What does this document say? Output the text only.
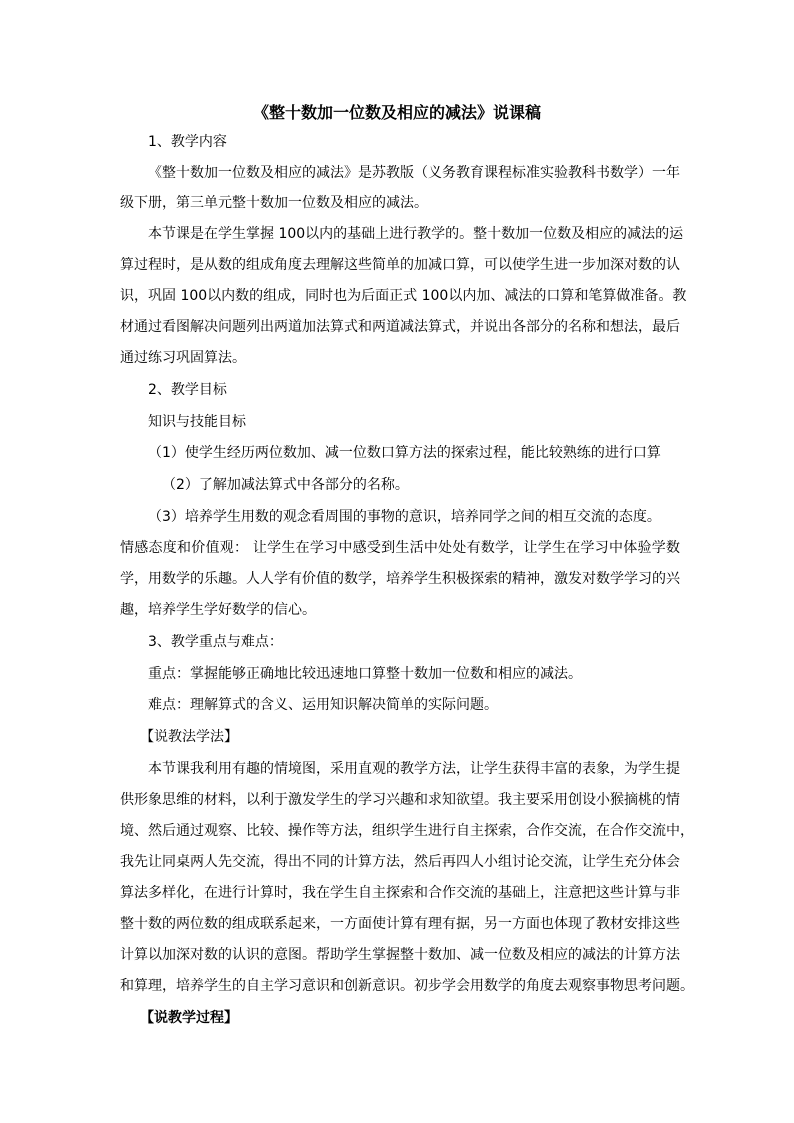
《整十数加一位数及相应的减法》说课稿
1、教学内容
《整十数加一位数及相应的减法》是苏教版（义务教育课程标准实验教科书数学）一年
级下册，第三单元整十数加一位数及相应的减法。
本节课是在学生掌握 100以内的基础上进行教学的。整十数加一位数及相应的减法的运
算过程时，是从数的组成角度去理解这些简单的加减口算，可以使学生进一步加深对数的认
识，巩固 100以内数的组成，同时也为后面正式 100以内加、减法的口算和笔算做准备。教
材通过看图解决问题列出两道加法算式和两道减法算式，并说出各部分的名称和想法，最后
通过练习巩固算法。
2、教学目标
知识与技能目标
（1）使学生经历两位数加、减一位数口算方法的探索过程，能比较熟练的进行口算
（2）了解加减法算式中各部分的名称。
（3）培养学生用数的观念看周围的事物的意识，培养同学之间的相互交流的态度。
情感态度和价值观： 让学生在学习中感受到生活中处处有数学，让学生在学习中体验学数
学，用数学的乐趣。人人学有价值的数学，培养学生积极探索的精神，激发对数学学习的兴
趣，培养学生学好数学的信心。
3、教学重点与难点：
重点：掌握能够正确地比较迅速地口算整十数加一位数和相应的减法。
难点：理解算式的含义、运用知识解决简单的实际问题。
【说教法学法】
本节课我利用有趣的情境图，采用直观的教学方法，让学生获得丰富的表象，为学生提
供形象思维的材料，以利于激发学生的学习兴趣和求知欲望。我主要采用创设小猴摘桃的情
境、然后通过观察、比较、操作等方法，组织学生进行自主探索，合作交流，在合作交流中，
我先让同桌两人先交流，得出不同的计算方法，然后再四人小组讨论交流，让学生充分体会
算法多样化，在进行计算时，我在学生自主探索和合作交流的基础上，注意把这些计算与非
整十数的两位数的组成联系起来，一方面使计算有理有据，另一方面也体现了教材安排这些
计算以加深对数的认识的意图。帮助学生掌握整十数加、减一位数及相应的减法的计算方法
和算理，培养学生的自主学习意识和创新意识。初步学会用数学的角度去观察事物思考问题。
【说教学过程】
